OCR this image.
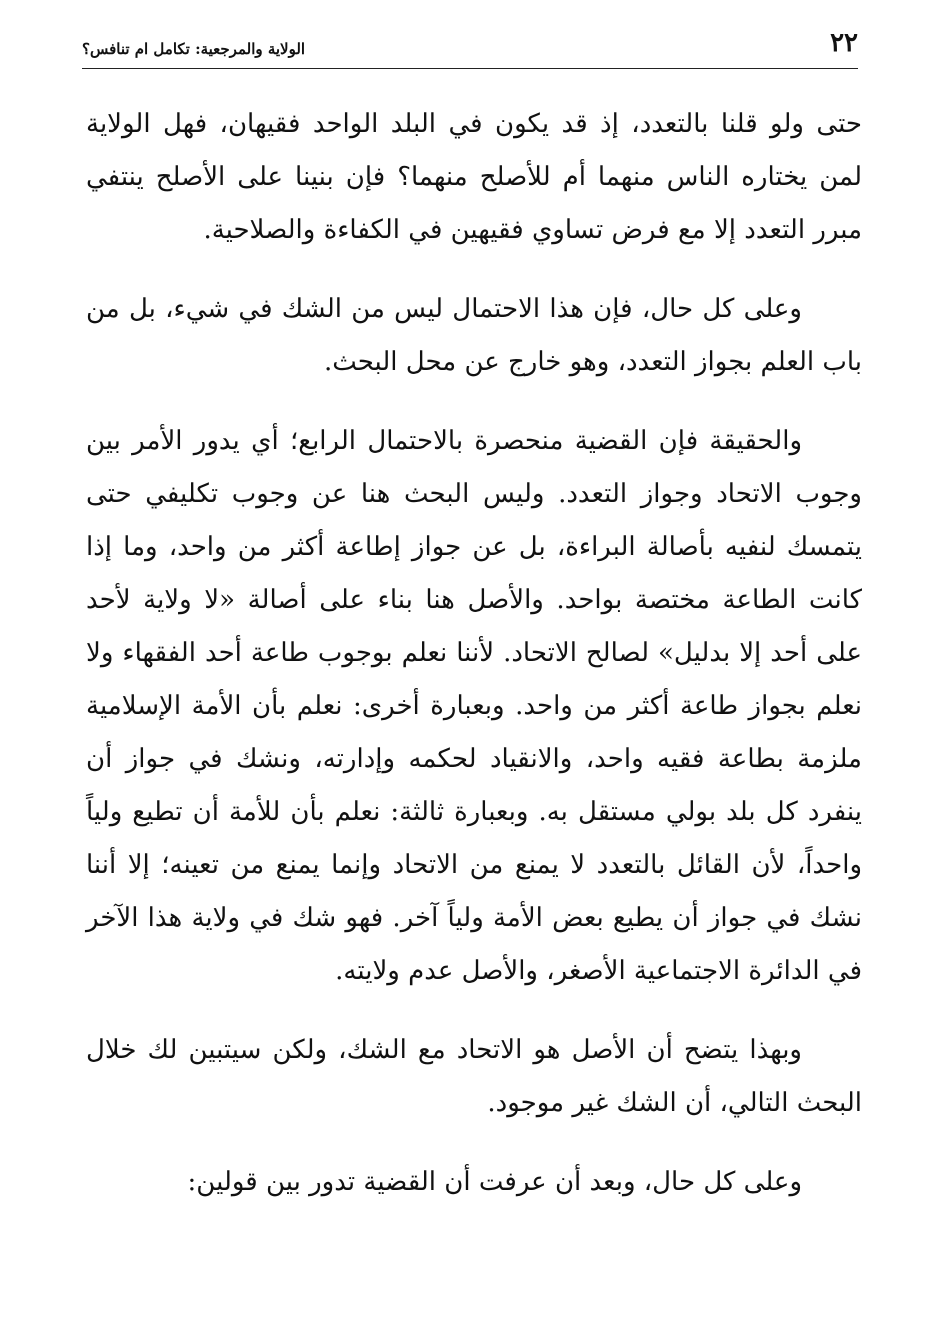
٢٢
الولاية والمرجعية: تكامل ام تنافس؟

حتى ولو قلنا بالتعدد، إذ قد يكون في البلد الواحد فقيهان، فهل الولاية لمن يختاره الناس منهما أم للأصلح منهما؟ فإن بنينا على الأصلح ينتفي مبرر التعدد إلا مع فرض تساوي فقيهين في الكفاءة والصلاحية.

وعلى كل حال، فإن هذا الاحتمال ليس من الشك في شيء، بل من باب العلم بجواز التعدد، وهو خارج عن محل البحث.

والحقيقة فإن القضية منحصرة بالاحتمال الرابع؛ أي يدور الأمر بين وجوب الاتحاد وجواز التعدد. وليس البحث هنا عن وجوب تكليفي حتى يتمسك لنفيه بأصالة البراءة، بل عن جواز إطاعة أكثر من واحد، وما إذا كانت الطاعة مختصة بواحد. والأصل هنا بناء على أصالة «لا ولاية لأحد على أحد إلا بدليل» لصالح الاتحاد. لأننا نعلم بوجوب طاعة أحد الفقهاء ولا نعلم بجواز طاعة أكثر من واحد. وبعبارة أخرى: نعلم بأن الأمة الإسلامية ملزمة بطاعة فقيه واحد، والانقياد لحكمه وإدارته، ونشك في جواز أن ينفرد كل بلد بولي مستقل به. وبعبارة ثالثة: نعلم بأن للأمة أن تطيع ولياً واحداً، لأن القائل بالتعدد لا يمنع من الاتحاد وإنما يمنع من تعينه؛ إلا أننا نشك في جواز أن يطيع بعض الأمة ولياً آخر. فهو شك في ولاية هذا الآخر في الدائرة الاجتماعية الأصغر، والأصل عدم ولايته.

وبهذا يتضح أن الأصل هو الاتحاد مع الشك، ولكن سيتبين لك خلال البحث التالي، أن الشك غير موجود.

وعلى كل حال، وبعد أن عرفت أن القضية تدور بين قولين:
